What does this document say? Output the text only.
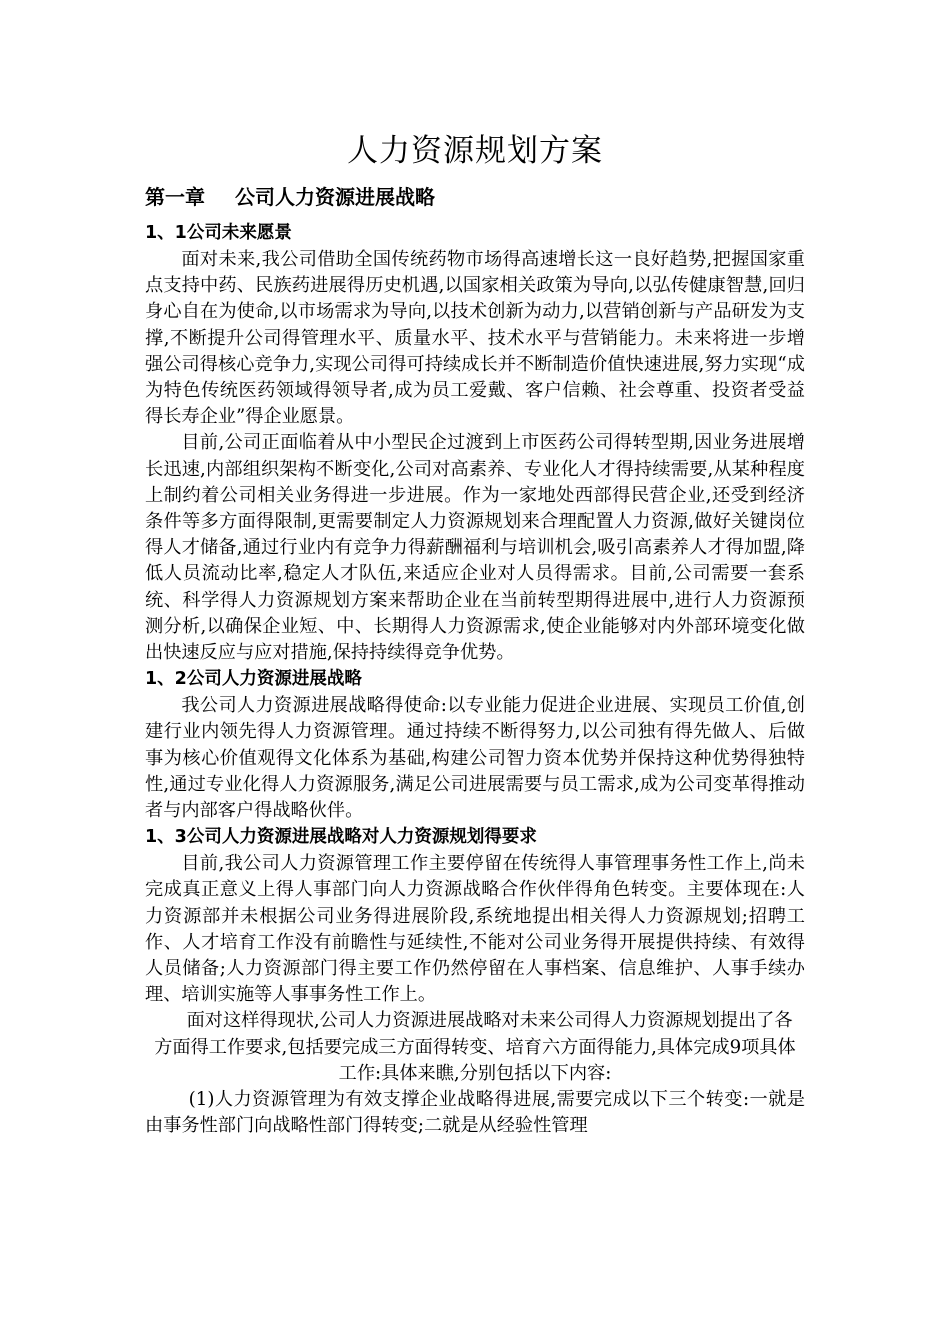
人力资源规划方案
第一章 公司人力资源进展战略
1、1公司未来愿景

面对未来,我公司借助全国传统药物市场得高速增长这一良好趋势,把握国家重点支持中药、民族药进展得历史机遇,以国家相关政策为导向,以弘传健康智慧,回归身心自在为使命,以市场需求为导向,以技术创新为动力,以营销创新与产品研发为支撑,不断提升公司得管理水平、质量水平、技术水平与营销能力。未来将进一步增强公司得核心竞争力,实现公司得可持续成长并不断制造价值快速进展,努力实现“成为特色传统医药领域得领导者,成为员工爱戴、客户信赖、社会尊重、投资者受益得长寿企业”得企业愿景。

目前,公司正面临着从中小型民企过渡到上市医药公司得转型期,因业务进展增长迅速,内部组织架构不断变化,公司对高素养、专业化人才得持续需要,从某种程度上制约着公司相关业务得进一步进展。作为一家地处西部得民营企业,还受到经济条件等多方面得限制,更需要制定人力资源规划来合理配置人力资源,做好关键岗位得人才储备,通过行业内有竞争力得薪酬福利与培训机会,吸引高素养人才得加盟,降低人员流动比率,稳定人才队伍,来适应企业对人员得需求。目前,公司需要一套系统、科学得人力资源规划方案来帮助企业在当前转型期得进展中,进行人力资源预测分析,以确保企业短、中、长期得人力资源需求,使企业能够对内外部环境变化做出快速反应与应对措施,保持持续得竞争优势。

1、2公司人力资源进展战略

我公司人力资源进展战略得使命:以专业能力促进企业进展、实现员工价值,创建行业内领先得人力资源管理。通过持续不断得努力,以公司独有得先做人、后做事为核心价值观得文化体系为基础,构建公司智力资本优势并保持这种优势得独特性,通过专业化得人力资源服务,满足公司进展需要与员工需求,成为公司变革得推动者与内部客户得战略伙伴。

1、3公司人力资源进展战略对人力资源规划得要求

目前,我公司人力资源管理工作主要停留在传统得人事管理事务性工作上,尚未完成真正意义上得人事部门向人力资源战略合作伙伴得角色转变。主要体现在:人力资源部并未根据公司业务得进展阶段,系统地提出相关得人力资源规划;招聘工作、人才培育工作没有前瞻性与延续性,不能对公司业务得开展提供持续、有效得人员储备;人力资源部门得主要工作仍然停留在人事档案、信息维护、人事手续办理、培训实施等人事事务性工作上。

面对这样得现状,公司人力资源进展战略对未来公司得人力资源规划提出了各方面得工作要求,包括要完成三方面得转变、培育六方面得能力,具体完成9项具体工作:具体来瞧,分别包括以下内容:

(1)人力资源管理为有效支撑企业战略得进展,需要完成以下三个转变:一就是由事务性部门向战略性部门得转变;二就是从经验性管理
